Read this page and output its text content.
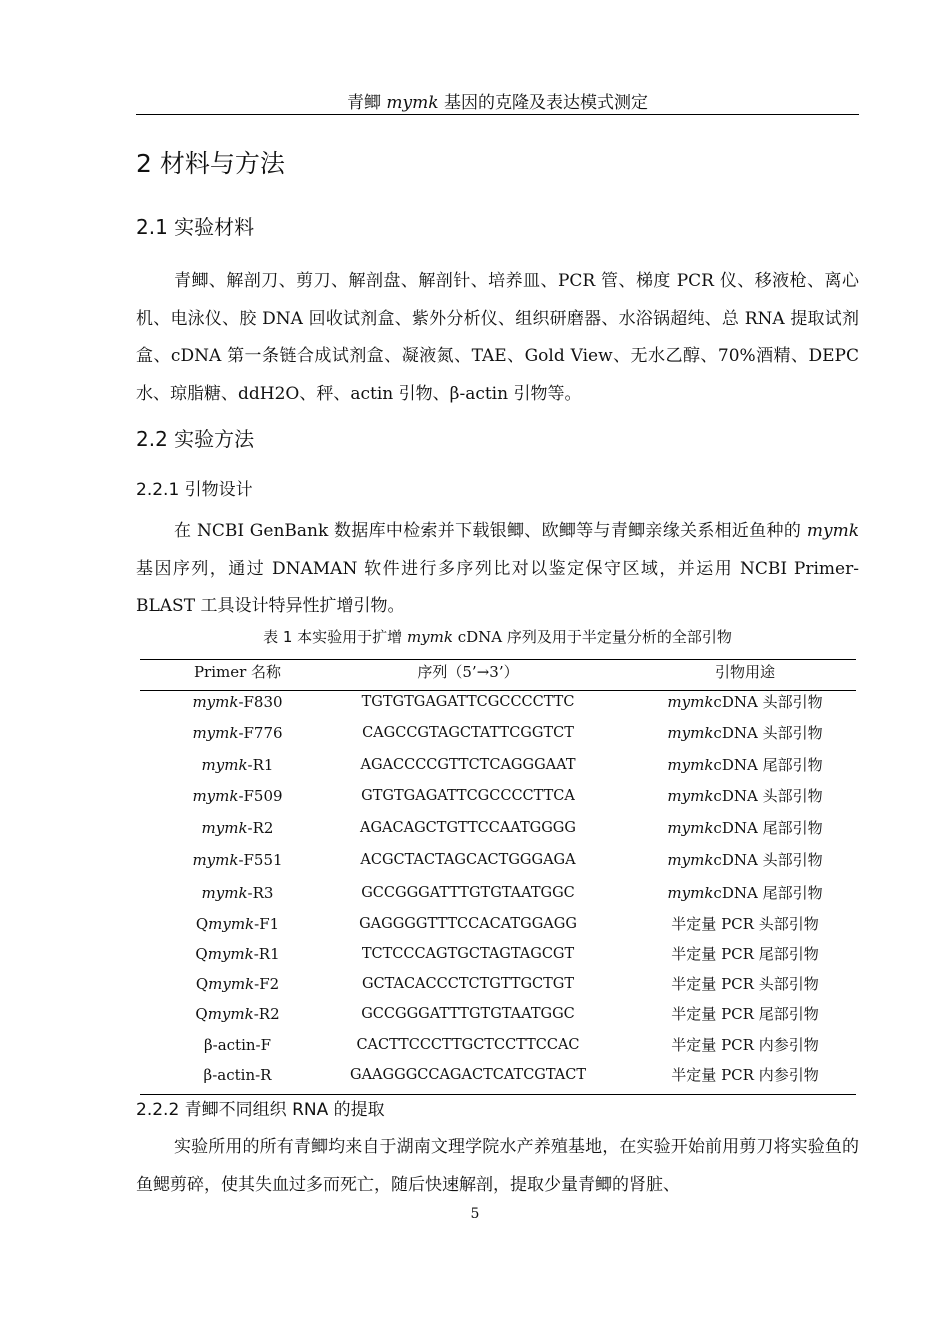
青鲫 mymk 基因的克隆及表达模式测定
2 材料与方法
2.1 实验材料
青鲫、解剖刀、剪刀、解剖盘、解剖针、培养皿、PCR 管、梯度 PCR 仪、移液枪、离心机、电泳仪、胶 DNA 回收试剂盒、紫外分析仪、组织研磨器、水浴锅超纯、总 RNA 提取试剂盒、cDNA 第一条链合成试剂盒、凝液氮、TAE、Gold View、无水乙醇、70%酒精、DEPC 水、琼脂糖、ddH2O、秤、actin 引物、β-actin 引物等。
2.2 实验方法
2.2.1 引物设计
在 NCBI GenBank 数据库中检索并下载银鲫、欧鲫等与青鲫亲缘关系相近鱼种的 mymk 基因序列，通过 DNAMAN 软件进行多序列比对以鉴定保守区域，并运用 NCBI Primer-BLAST 工具设计特异性扩增引物。
表 1 本实验用于扩增 mymk cDNA 序列及用于半定量分析的全部引物
Primer 名称	序列（5’→3’）	引物用途
mymk-F830	TGTGTGAGATTCGCCCCTTC	mymkcDNA 头部引物
mymk-F776	CAGCCGTAGCTATTCGGTCT	mymkcDNA 头部引物
mymk-R1	AGACCCCGTTCTCAGGGAAT	mymkcDNA 尾部引物
mymk-F509	GTGTGAGATTCGCCCCTTCA	mymkcDNA 头部引物
mymk-R2	AGACAGCTGTTCCAATGGGG	mymkcDNA 尾部引物
mymk-F551	ACGCTACTAGCACTGGGAGA	mymkcDNA 头部引物
mymk-R3	GCCGGGATTTGTGTAATGGC	mymkcDNA 尾部引物
Qmymk-F1	GAGGGGTTTCCACATGGAGG	半定量 PCR 头部引物
Qmymk-R1	TCTCCCAGTGCTAGTAGCGT	半定量 PCR 尾部引物
Qmymk-F2	GCTACACCCTCTGTTGCTGT	半定量 PCR 头部引物
Qmymk-R2	GCCGGGATTTGTGTAATGGC	半定量 PCR 尾部引物
β-actin-F	CACTTCCCTTGCTCCTTCCAC	半定量 PCR 内参引物
β-actin-R	GAAGGGCCAGACTCATCGTACT	半定量 PCR 内参引物
2.2.2 青鲫不同组织 RNA 的提取
实验所用的所有青鲫均来自于湖南文理学院水产养殖基地，在实验开始前用剪刀将实验鱼的鱼鳃剪碎，使其失血过多而死亡，随后快速解剖，提取少量青鲫的肾脏、
5
